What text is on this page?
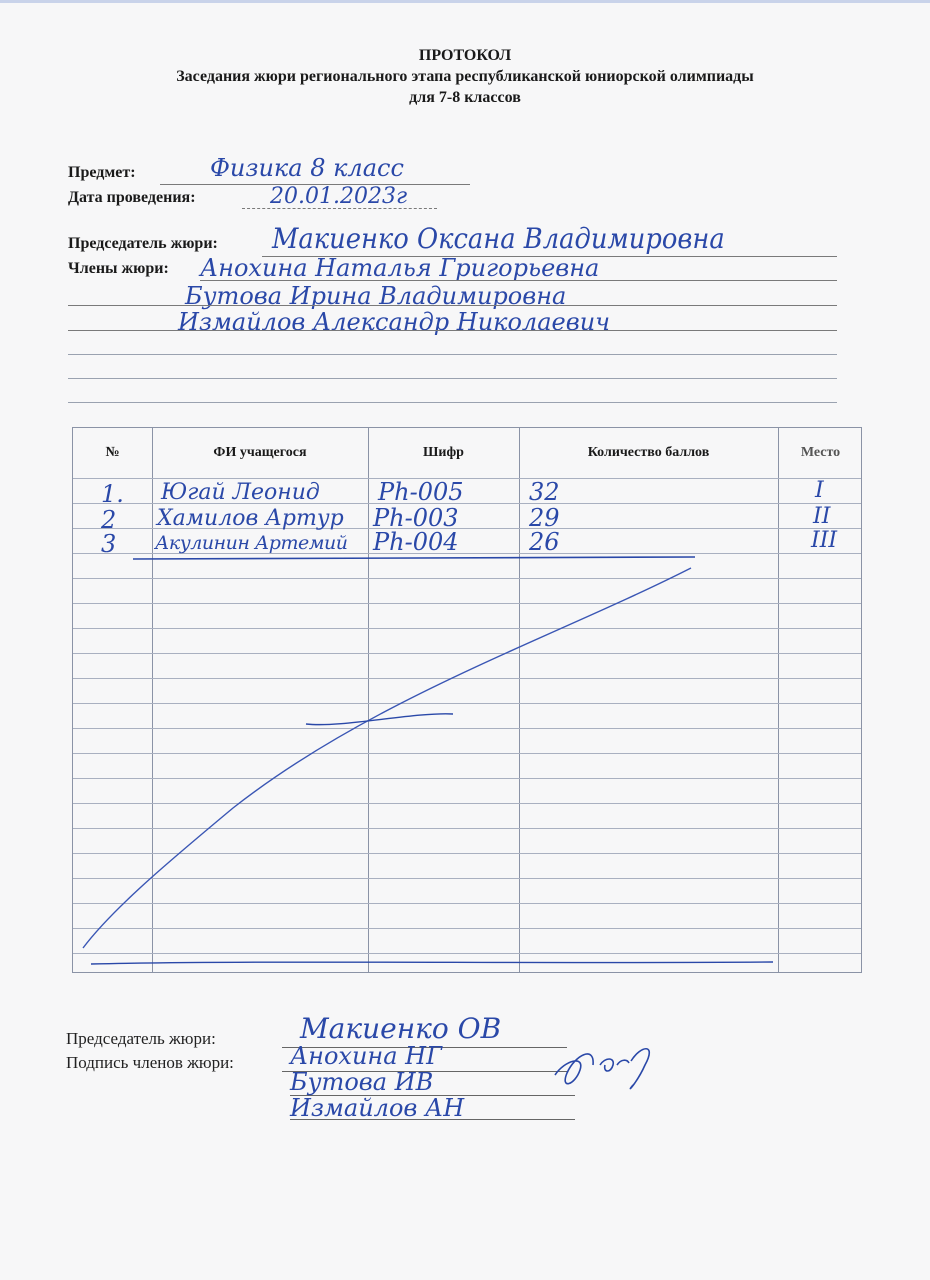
ПРОТОКОЛ
Заседания жюри регионального этапа республиканской юниорской олимпиады
для 7-8 классов
Предмет:	Физика 8 класс
Дата проведения:	20.01.2023г
Председатель жюри: Макиенко Оксана Владимировна
Члены жюри: Анохина Наталья Григорьевна
Бутова Ирина Владимировна
Измайлов Александр Николаевич
№	ФИ учащегося	Шифр	Количество баллов	Место
1. Югай Леонид Ph-005	32	I
2 Хамилов Артур Ph-003	29	II
3 Акулинин Артемий Ph-004	26	III
Председатель жюри:	Макиенко ОВ
Подпись членов жюри: Анохина НГ
Бутова ИВ
Измайлов АН
